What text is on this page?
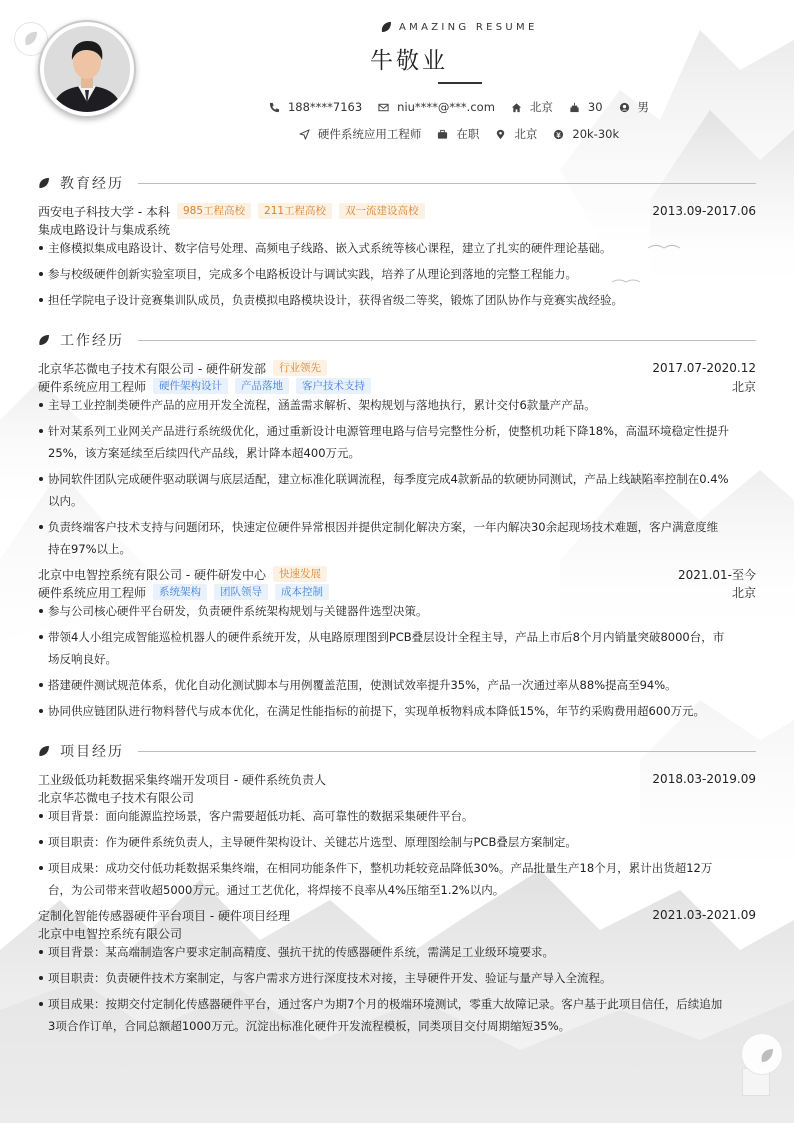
AMAZING RESUME
牛敬业
188****7163	niu****@***.com	北京	30	男
硬件系统应用工程师	在职	北京	20k-30k
教育经历
西安电子科技大学 - 本科	985工程高校	211工程高校	双一流建设高校	2013.09-2017.06
集成电路设计与集成系统
主修模拟集成电路设计、数字信号处理、高频电子线路、嵌入式系统等核心课程，建立了扎实的硬件理论基础。
参与校级硬件创新实验室项目，完成多个电路板设计与调试实践，培养了从理论到落地的完整工程能力。
担任学院电子设计竞赛集训队成员，负责模拟电路模块设计，获得省级二等奖，锻炼了团队协作与竞赛实战经验。
工作经历
北京华芯微电子技术有限公司 - 硬件研发部	行业领先	2017.07-2020.12
硬件系统应用工程师	硬件架构设计	产品落地	客户技术支持	北京
主导工业控制类硬件产品的应用开发全流程，涵盖需求解析、架构规划与落地执行，累计交付6款量产产品。
针对某系列工业网关产品进行系统级优化，通过重新设计电源管理电路与信号完整性分析，使整机功耗下降18%，高温环境稳定性提升
25%，该方案延续至后续四代产品线，累计降本超400万元。
协同软件团队完成硬件驱动联调与底层适配，建立标准化联调流程，每季度完成4款新品的软硬协同测试，产品上线缺陷率控制在0.4%
以内。
负责终端客户技术支持与问题闭环，快速定位硬件异常根因并提供定制化解决方案，一年内解决30余起现场技术难题，客户满意度维
持在97%以上。
北京中电智控系统有限公司 - 硬件研发中心	快速发展	2021.01-至今
硬件系统应用工程师	系统架构	团队领导	成本控制	北京
参与公司核心硬件平台研发，负责硬件系统架构规划与关键器件选型决策。
带领4人小组完成智能巡检机器人的硬件系统开发，从电路原理图到PCB叠层设计全程主导，产品上市后8个月内销量突破8000台，市
场反响良好。
搭建硬件测试规范体系，优化自动化测试脚本与用例覆盖范围，使测试效率提升35%，产品一次通过率从88%提高至94%。
协同供应链团队进行物料替代与成本优化，在满足性能指标的前提下，实现单板物料成本降低15%，年节约采购费用超600万元。
项目经历
工业级低功耗数据采集终端开发项目 - 硬件系统负责人	2018.03-2019.09
北京华芯微电子技术有限公司
项目背景：面向能源监控场景，客户需要超低功耗、高可靠性的数据采集硬件平台。
项目职责：作为硬件系统负责人，主导硬件架构设计、关键芯片选型、原理图绘制与PCB叠层方案制定。
项目成果：成功交付低功耗数据采集终端，在相同功能条件下，整机功耗较竞品降低30%。产品批量生产18个月，累计出货超12万
台，为公司带来营收超5000万元。通过工艺优化，将焊接不良率从4%压缩至1.2%以内。
定制化智能传感器硬件平台项目 - 硬件项目经理	2021.03-2021.09
北京中电智控系统有限公司
项目背景：某高端制造客户要求定制高精度、强抗干扰的传感器硬件系统，需满足工业级环境要求。
项目职责：负责硬件技术方案制定，与客户需求方进行深度技术对接，主导硬件开发、验证与量产导入全流程。
项目成果：按期交付定制化传感器硬件平台，通过客户为期7个月的极端环境测试，零重大故障记录。客户基于此项目信任，后续追加
3项合作订单，合同总额超1000万元。沉淀出标准化硬件开发流程模板，同类项目交付周期缩短35%。
